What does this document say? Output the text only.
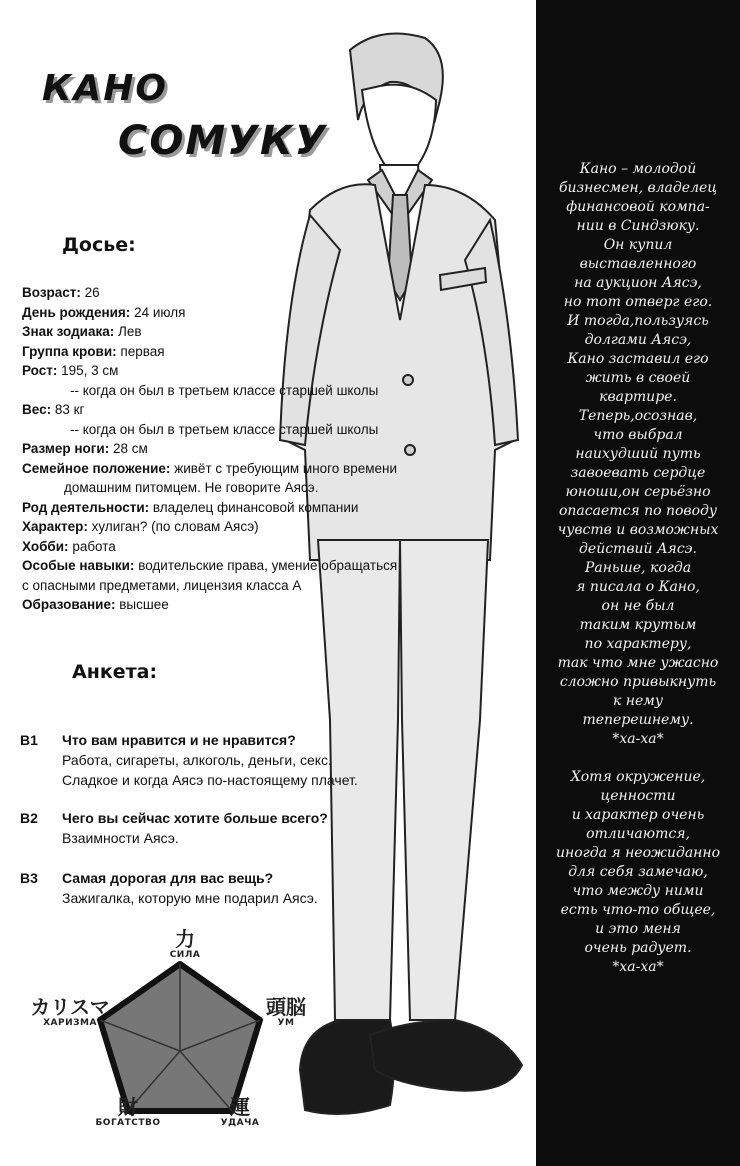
Кано – молодой
бизнесмен, владелец
финансовой компа-
нии в Синдзюку.
Он купил
выставленного
на аукцион Аясэ,
но тот отверг его.
И тогда,пользуясь
долгами Аясэ,
Кано заставил его
жить в своей
квартире.
Теперь,осознав,
что выбрал
наихудший путь
завоевать сердце
юноши,он серьёзно
опасается по поводу
чувств и возможных
действий Аясэ.
Раньше, когда
я писала о Кано,
он не был
таким крутым
по характеру,
так что мне ужасно
сложно привыкнуть
к нему
теперешнему.
*ха-ха*

Хотя окружение,
ценности
и характер очень
отличаются,
иногда я неожиданно
для себя замечаю,
что между ними
есть что-то общее,
и это меня
очень радует.
*ха-ха*

КАНО
СОМУКУ
Досье:
Возраст: 26
День рождения: 24 июля
Знак зодиака: Лев
Группа крови: первая
Рост: 195, 3 см
-- когда он был в третьем классе старшей школы
Вес: 83 кг
-- когда он был в третьем классе старшей школы
Размер ноги: 28 см
Семейное положение: живёт с требующим много времени
домашним питомцем. Не говорите Аясэ.
Род деятельности: владелец финансовой компании
Характер: хулиган? (по словам Аясэ)
Хобби: работа
Особые навыки: водительские права, умение обращаться
с опасными предметами, лицензия класса А
Образование: высшее
Анкета:
В1 Что вам нравится и не нравится?
Работа, сигареты, алкоголь, деньги, секс.
Сладкое и когда Аясэ по-настоящему плачет.
В2 Чего вы сейчас хотите больше всего?
Взаимности Аясэ.
В3 Самая дорогая для вас вещь?
Зажигалка, которую мне подарил Аясэ.
力
СИЛА
頭脳
УМ
運
УДАЧА
財
БОГАТСТВО
カリスマ
ХАРИЗМА
